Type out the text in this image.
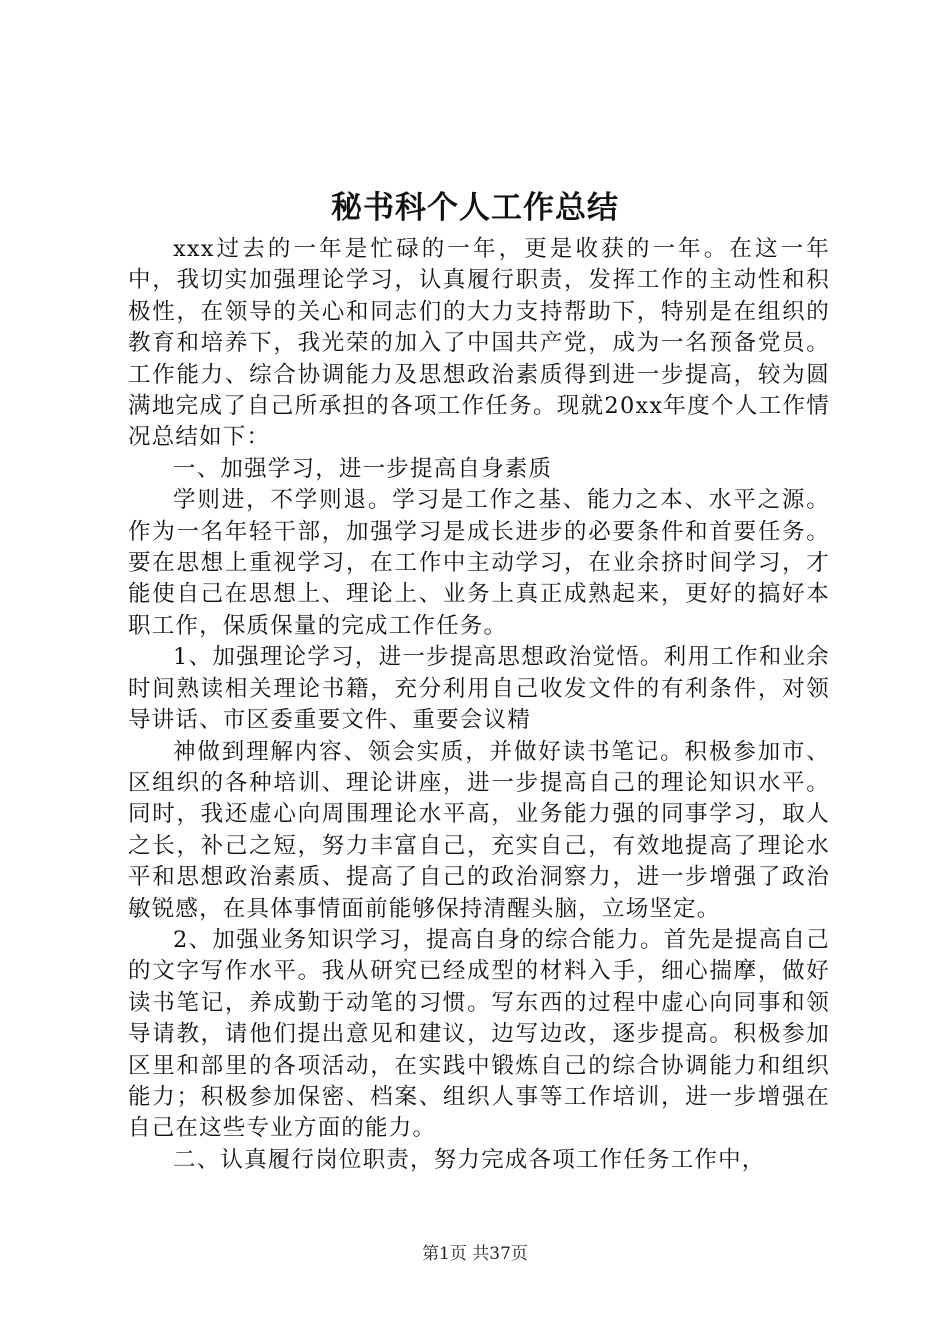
秘书科个人工作总结

xxx过去的一年是忙碌的一年，更是收获的一年。在这一年中，我切实加强理论学习，认真履行职责，发挥工作的主动性和积极性，在领导的关心和同志们的大力支持帮助下，特别是在组织的教育和培养下，我光荣的加入了中国共产党，成为一名预备党员。工作能力、综合协调能力及思想政治素质得到进一步提高，较为圆满地完成了自己所承担的各项工作任务。现就20xx年度个人工作情况总结如下：

一、加强学习，进一步提高自身素质

学则进，不学则退。学习是工作之基、能力之本、水平之源。作为一名年轻干部，加强学习是成长进步的必要条件和首要任务。要在思想上重视学习，在工作中主动学习，在业余挤时间学习，才能使自己在思想上、理论上、业务上真正成熟起来，更好的搞好本职工作，保质保量的完成工作任务。

1、加强理论学习，进一步提高思想政治觉悟。利用工作和业余时间熟读相关理论书籍，充分利用自己收发文件的有利条件，对领导讲话、市区委重要文件、重要会议精

神做到理解内容、领会实质，并做好读书笔记。积极参加市、区组织的各种培训、理论讲座，进一步提高自己的理论知识水平。同时，我还虚心向周围理论水平高，业务能力强的同事学习，取人之长，补己之短，努力丰富自己，充实自己，有效地提高了理论水平和思想政治素质、提高了自己的政治洞察力，进一步增强了政治敏锐感，在具体事情面前能够保持清醒头脑，立场坚定。

2、加强业务知识学习，提高自身的综合能力。首先是提高自己的文字写作水平。我从研究已经成型的材料入手，细心揣摩，做好读书笔记，养成勤于动笔的习惯。写东西的过程中虚心向同事和领导请教，请他们提出意见和建议，边写边改，逐步提高。积极参加区里和部里的各项活动，在实践中锻炼自己的综合协调能力和组织能力；积极参加保密、档案、组织人事等工作培训，进一步增强在自己在这些专业方面的能力。

二、认真履行岗位职责，努力完成各项工作任务工作中，

第1页 共37页
